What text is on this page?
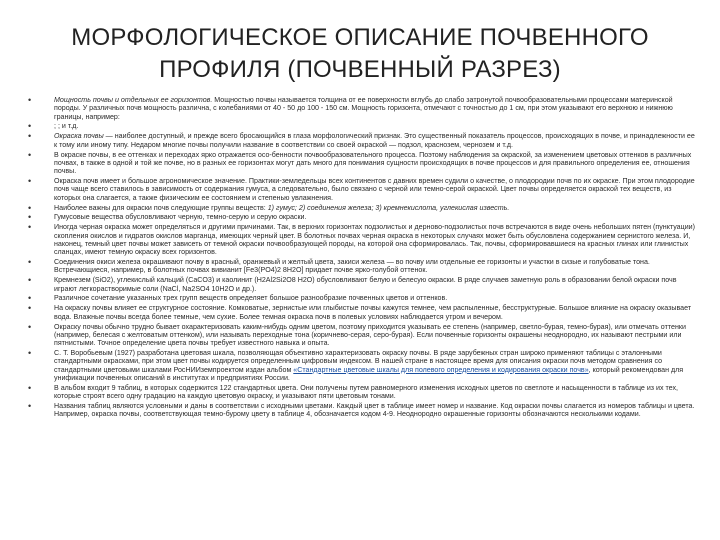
МОРФОЛОГИЧЕСКОЕ ОПИСАНИЕ ПОЧВЕННОГО
ПРОФИЛЯ (ПОЧВЕННЫЙ РАЗРЕЗ)
• Мощность почвы и отдельных ее горизонтов. Мощностью почвы называется толщина от ее поверхности вглубь до слабо затронутой почвообразовательными процессами материнской породы. У различных почв мощность различна, с колебаниями от 40 - 50 до 100 - 150 см. Мощность горизонта, отмечают с точностью до 1 см, при этом указывают его верхнюю и нижнюю границы, например:
• ; ; и т.д.
• Окраска почвы — наиболее доступный, и прежде всего бросающийся в глаза морфологический признак. Это существенный показатель процессов, происходящих в почве, и принадлежности ее к тому или иному типу. Недаром многие почвы получили название в соответствии со своей окраской — подзол, краснозем, чернозем и т.д.
• В окраске почвы, в ее оттенках и переходах ярко отражается осо-бенности почвообразовательного процесса. Поэтому наблюдения за окраской, за изменением цветовых оттенков в различных почвах, в также в одной и той же почве, но в разных ее горизонтах могут дать много для понимания сущности происходящих в почве процессов и для правильного определения ее, отношения почвы.
• Окраска почв имеет и большое агрономическое значение. Практики-земледельцы всех континентов с давних времен судили о качестве, о плодородии почв по их окраске. При этом плодородие почв чаще всего ставилось в зависимость от содержания гумуса, а следовательно, было связано с черной или темно-серой окраской. Цвет почвы определяется окраской тех веществ, из которых она слагается, а также физическим ее состоянием и степенью увлажнения.
• Наиболее важны для окраски почв следующие группы веществ: 1) гумус; 2) соединения железа; 3) кремнекислота, углекислая известь.
• Гумусовые вещества обусловливают черную, темно-серую и серую окраски.
• Иногда черная окраска может определяться и другими причинами. Так, в верхних горизонтах подзолистых и дерново-подзолистых почв встречаются в виде очень небольших пятен (пунктуации) скопления окислов и гидратов окислов марганца, имеющих черный цвет. В болотных почвах черная окраска в некоторых случаях может быть обусловлена содержанием сернистого железа. И, наконец, темный цвет почвы может зависеть от темной окраски почвообразующей породы, на которой она сформировалась. Так, почвы, сформировавшиеся на красных глинах или глинистых сланцах, имеют темную окраску всех горизонтов.
• Соединения окиси железа окрашивают почву в красный, оранжевый и желтый цвета, закиси железа — во почву или отдельные ее горизонты и участки в сизые и голубоватые тона. Встречающиеся, например, в болотных почвах вивианит [Fe3(PO4)2 8H2O] придает почве ярко-голубой оттенок.
• Кремнезем (SiO2), углекислый кальций (CaCO3) и каолинит (H2Al2Si2O8 H2O) обусловливают белую и белесую окраски. В ряде случаев заметную роль в образовании белой окраски почв играют легкорастворимые соли (NaCl, Na2SO4 10H2O и др.).
• Различное сочетание указанных трех групп веществ определяет большое разнообразие почвенных цветов и оттенков.
• На окраску почвы влияет ее структурное состояние. Комковатые, зернистые или глыбистые почвы кажутся темнее, чем распыленные, бесструктурные. Большое влияние на окраску оказывает вода. Влажные почвы всегда более темные, чем сухие. Более темная окраска почв в полевых условиях наблюдается утром и вечером.
• Окраску почвы обычно трудно бывает охарактеризовать каким-нибудь одним цветом, поэтому приходится указывать ее степень (например, светло-бурая, темно-бурая), или отмечать оттенки (например, белесая с желтоватым оттенком), или называть переходные тона (коричнево-серая, серо-бурая). Если почвенные горизонты окрашены неоднородно, их называют пестрыми или пятнистыми. Точное определение цвета почвы требует известного навыка и опыта.
• С. Т. Воробьевым (1927) разработана цветовая шкала, позволяющая объективно характеризовать окраску почвы. В ряде зарубежных стран широко применяют таблицы с эталонными стандартными окрасками, при этом цвет почвы кодируется определенным цифровым индексом. В нашей стране в настоящее время для описания окраски почв методом сравнения со стандартными цветовыми шкалами РосНИИземпроектом издан альбом «Стандартные цветовые шкалы для полевого определения и кодирования окраски почв», который рекомендован для унификации почвенных описаний в институтах и предприятиях России.
• В альбом входит 9 таблиц, в которых содержится 122 стандартных цвета. Они получены путем равномерного изменения исходных цветов по светлоте и насыщенности в таблице из их тех, которые строят всего одну градацию на каждую цветовую окраску, и указывают пяти цветовым тонами.
• Названия таблиц являются условными и даны в соответствии с исходными цветами. Каждый цвет в таблице имеет номер и название. Код окраски почвы слагается из номеров таблицы и цвета. Например, окраска почвы, соответствующая темно-бурому цвету в таблице 4, обозначается кодом 4-9. Неоднородно окрашенные горизонты обозначаются несколькими кодами.
